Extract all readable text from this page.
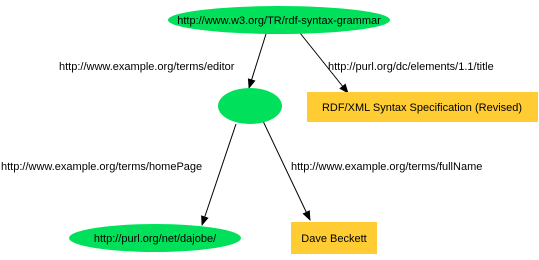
http://www.example.org/terms/editor	http://purl.org/dc/elements/1.1/title
http://www.example.org/terms/homePage	http://www.example.org/terms/fullName
http://www.w3.org/TR/rdf-syntax-grammar
RDF/XML Syntax Specification (Revised)
http://purl.org/net/dajobe/	Dave Beckett
